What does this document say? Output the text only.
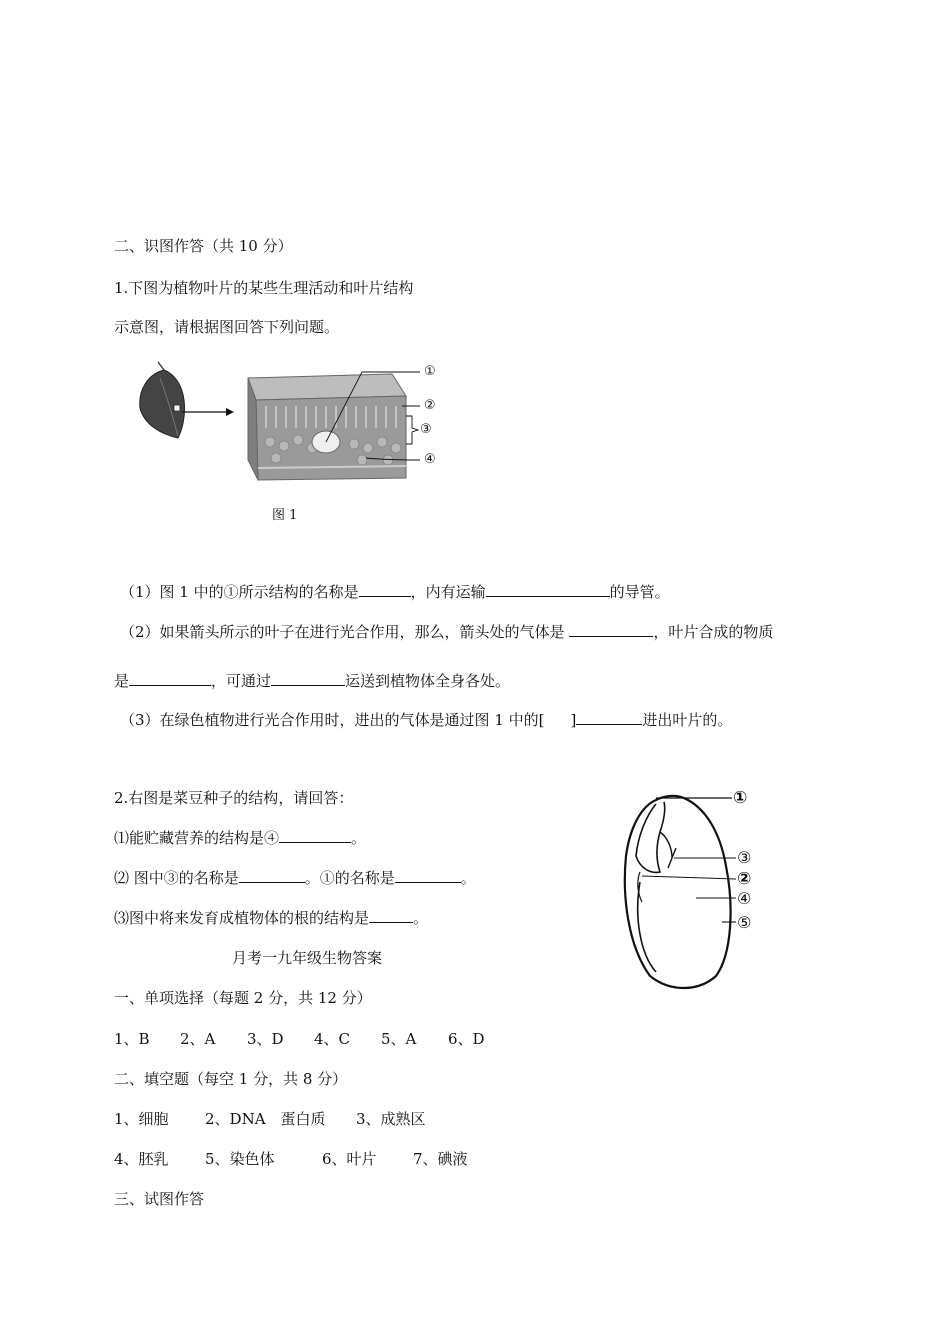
二、识图作答（共 10 分）
1.下图为植物叶片的某些生理活动和叶片结构
示意图，请根据图回答下列问题。
①
②
③
④
图 1
（1）图 1 中的①所示结构的名称是	，内有运输	的导管。
（2）如果箭头所示的叶子在进行光合作用，那么，箭头处的气体是	，叶片合成的物质
是	，可通过	运送到植物体全身各处。
（3）在绿色植物进行光合作用时，进出的气体是通过图 1 中的[ ]	进出叶片的。
2.右图是菜豆种子的结构，请回答：
⑴能贮藏营养的结构是④	。
⑵ 图中③的名称是	。①的名称是	。
⑶图中将来发育成植物体的根的结构是	。
①
③
②
④
⑤
月考一九年级生物答案
一、单项选择（每题 2 分，共 12 分）
1、B 2、A 3、D 4、C 5、A 6、D
二、填空题（每空 1 分，共 8 分）
1、细胞 2、DNA　蛋白质 3、成熟区
4、胚乳 5、染色体	6、叶片 7、碘液
三、试图作答
